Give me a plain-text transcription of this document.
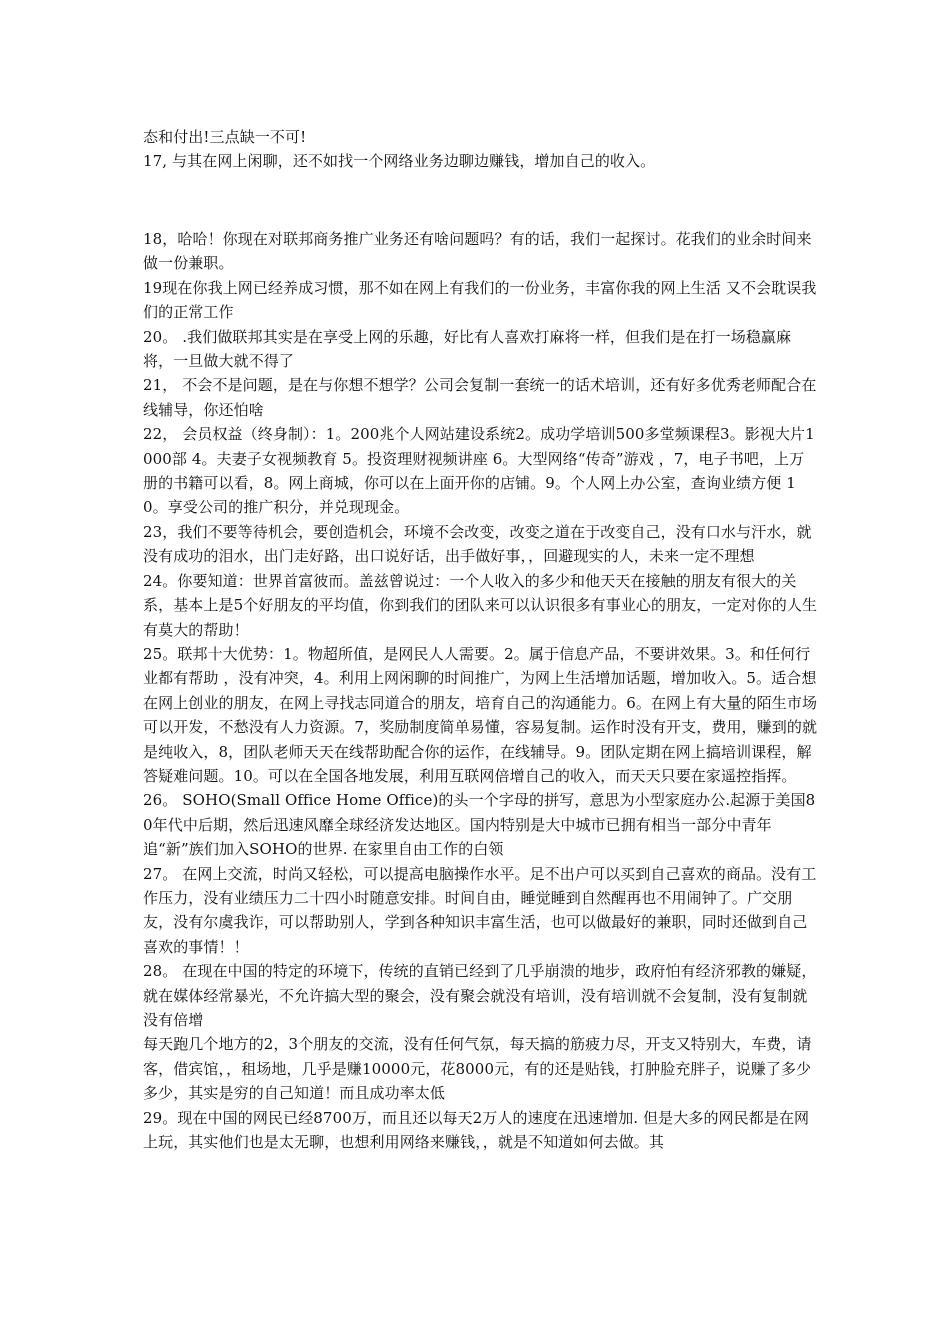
态和付出!三点缺一不可!

17, 与其在网上闲聊，还不如找一个网络业务边聊边赚钱，增加自己的收入。

18，哈哈！你现在对联邦商务推广业务还有啥问题吗？有的话，我们一起探讨。花我们的业余时间来做一份兼职。

19现在你我上网已经养成习惯，那不如在网上有我们的一份业务，丰富你我的网上生活 又不会耽误我们的正常工作

20。 .我们做联邦其实是在享受上网的乐趣，好比有人喜欢打麻将一样，但我们是在打一场稳赢麻将，一旦做大就不得了

21， 不会不是问题，是在与你想不想学？公司会复制一套统一的话术培训，还有好多优秀老师配合在线辅导，你还怕啥

22， 会员权益（终身制）：1。200兆个人网站建设系统2。成功学培训500多堂频课程3。影视大片1000部 4。夫妻子女视频教育 5。投资理财视频讲座 6。大型网络“传奇”游戏 ，7，电子书吧，上万册的书籍可以看，8。网上商城，你可以在上面开你的店铺。9。个人网上办公室，查询业绩方便 10。享受公司的推广积分，并兑现现金。

23，我们不要等待机会，要创造机会，环境不会改变，改变之道在于改变自己，没有口水与汗水，就没有成功的泪水，出门走好路，出口说好话，出手做好事，，回避现实的人，未来一定不理想

24。你要知道：世界首富彼而。盖兹曾说过：一个人收入的多少和他天天在接触的朋友有很大的关系，基本上是5个好朋友的平均值，你到我们的团队来可以认识很多有事业心的朋友，一定对你的人生有莫大的帮助！

25。联邦十大优势：1。物超所值，是网民人人需要。2。属于信息产品，不要讲效果。3。和任何行业都有帮助 ，没有冲突，4。利用上网闲聊的时间推广，为网上生活增加话题，增加收入。5。适合想在网上创业的朋友，在网上寻找志同道合的朋友，培育自己的沟通能力。6。在网上有大量的陌生市场可以开发，不愁没有人力资源。7，奖励制度简单易懂，容易复制。运作时没有开支，费用，赚到的就是纯收入，8，团队老师天天在线帮助配合你的运作，在线辅导。9。团队定期在网上搞培训课程，解答疑难问题。10。可以在全国各地发展，利用互联网倍增自己的收入，而天天只要在家遥控指挥。

26。 SOHO(Small Office Home Office)的头一个字母的拼写，意思为小型家庭办公.起源于美国80年代中后期，然后迅速风靡全球经济发达地区。国内特别是大中城市已拥有相当一部分中青年追“新”族们加入SOHO的世界. 在家里自由工作的白领

27。 在网上交流，时尚又轻松，可以提高电脑操作水平。足不出户可以买到自己喜欢的商品。没有工作压力，没有业绩压力二十四小时随意安排。时间自由，睡觉睡到自然醒再也不用闹钟了。广交朋友，没有尔虞我诈，可以帮助别人，学到各种知识丰富生活，也可以做最好的兼职，同时还做到自己喜欢的事情！！

28。 在现在中国的特定的环境下，传统的直销已经到了几乎崩溃的地步，政府怕有经济邪教的嫌疑，就在媒体经常暴光，不允许搞大型的聚会，没有聚会就没有培训，没有培训就不会复制，没有复制就没有倍增

每天跑几个地方的2，3个朋友的交流，没有任何气氛，每天搞的筋疲力尽，开支又特别大，车费，请客，借宾馆，，租场地，几乎是赚10000元，花8000元，有的还是贴钱，打肿脸充胖子，说赚了多少多少，其实是穷的自己知道！而且成功率太低

29。现在中国的网民已经8700万，而且还以每天2万人的速度在迅速增加. 但是大多的网民都是在网上玩，其实他们也是太无聊，也想利用网络来赚钱，，就是不知道如何去做。其
